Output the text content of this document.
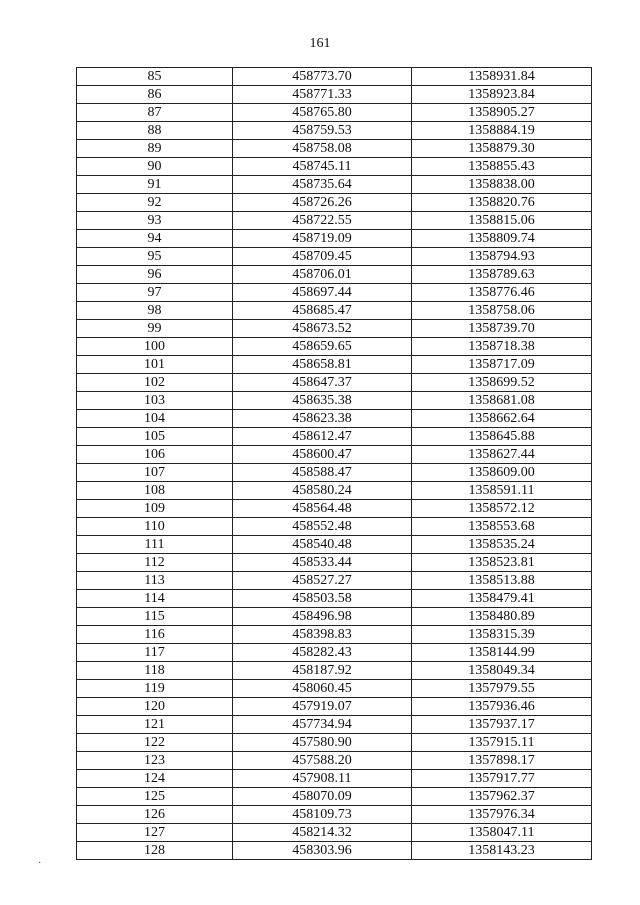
161
85	458773.70	1358931.84
86	458771.33	1358923.84
87	458765.80	1358905.27
88	458759.53	1358884.19
89	458758.08	1358879.30
90	458745.11	1358855.43
91	458735.64	1358838.00
92	458726.26	1358820.76
93	458722.55	1358815.06
94	458719.09	1358809.74
95	458709.45	1358794.93
96	458706.01	1358789.63
97	458697.44	1358776.46
98	458685.47	1358758.06
99	458673.52	1358739.70
100	458659.65	1358718.38
101	458658.81	1358717.09
102	458647.37	1358699.52
103	458635.38	1358681.08
104	458623.38	1358662.64
105	458612.47	1358645.88
106	458600.47	1358627.44
107	458588.47	1358609.00
108	458580.24	1358591.11
109	458564.48	1358572.12
110	458552.48	1358553.68
111	458540.48	1358535.24
112	458533.44	1358523.81
113	458527.27	1358513.88
114	458503.58	1358479.41
115	458496.98	1358480.89
116	458398.83	1358315.39
117	458282.43	1358144.99
118	458187.92	1358049.34
119	458060.45	1357979.55
120	457919.07	1357936.46
121	457734.94	1357937.17
122	457580.90	1357915.11
123	457588.20	1357898.17
124	457908.11	1357917.77
125	458070.09	1357962.37
126	458109.73	1357976.34
127	458214.32	1358047.11
128	458303.96	1358143.23
·	·
